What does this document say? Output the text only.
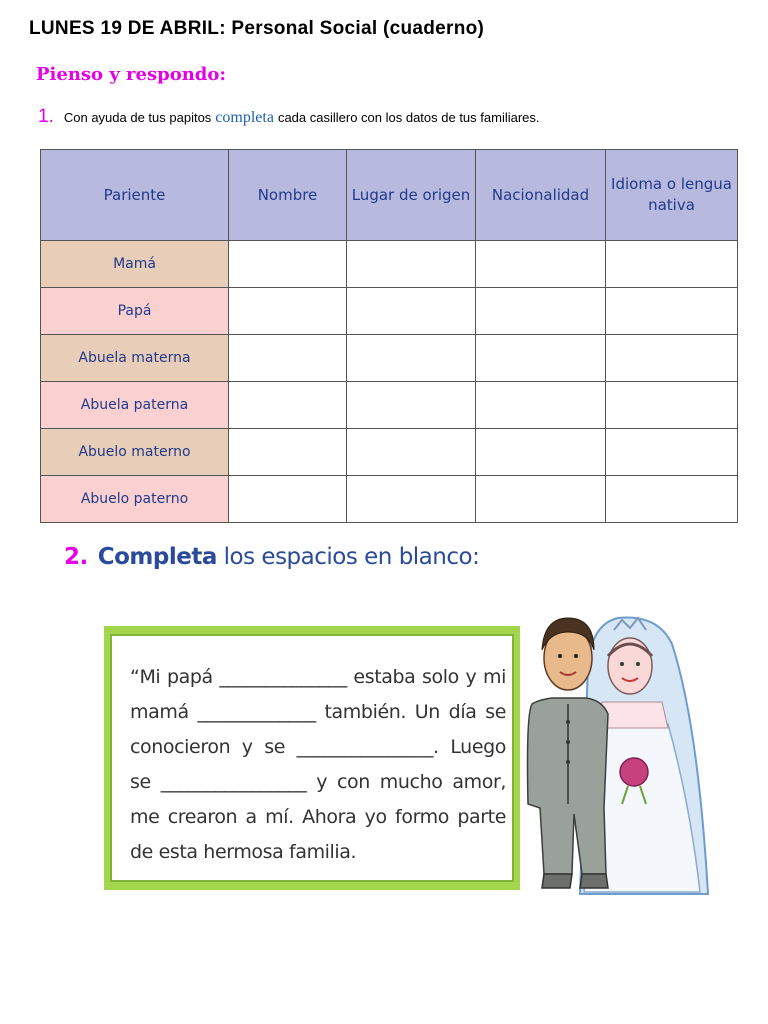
LUNES 19 DE ABRIL: Personal Social (cuaderno)
Pienso y respondo:
1. Con ayuda de tus papitos completa cada casillero con los datos de tus familiares.
Pariente	Nombre	Lugar de origen	Nacionalidad	Idioma o lengua nativa
Mamá				
Papá				
Abuela materna				
Abuela paterna				
Abuelo materno				
Abuelo paterno				
2. Completa los espacios en blanco:
“Mi papá ______________ estaba solo y mi mamá _____________ también. Un día se conocieron y se _______________. Luego se ________________ y con mucho amor, me crearon a mí. Ahora yo formo parte de esta hermosa familia.
